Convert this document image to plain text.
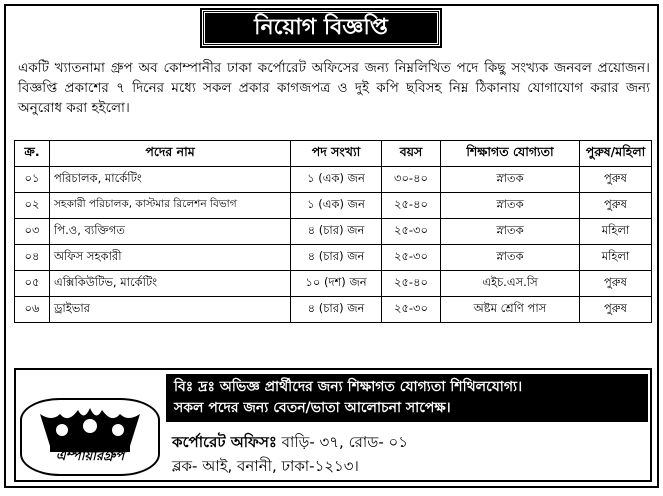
নিয়োগ বিজ্ঞপ্তি
একটি খ্যাতনামা গ্রুপ অব কোম্পানীর ঢাকা কর্পোরেট অফিসের জন্য নিম্নলিখিত পদে কিছু সংখ্যক জনবল প্রয়োজন। বিজ্ঞপ্তি প্রকাশের ৭ দিনের মধ্যে সকল প্রকার কাগজপত্র ও দুই কপি ছবিসহ নিম্ন ঠিকানায় যোগাযোগ করার জন্য অনুরোধ করা হইলো।
ক্র.	পদের নাম	পদ সংখ্যা	বয়স	শিক্ষাগত যোগ্যতা	পুরুষ/মহিলা
০১	পরিচালক, মার্কেটিং	১ (এক) জন	৩০-৪০	স্নাতক	পুরুষ
০২	সহকারী পরিচালক, কাস্টমার রিলেশন বিভাগ	১ (এক) জন	২৫-৪০	স্নাতক	পুরুষ
০৩	পি.ও, ব্যক্তিগত	৪ (চার) জন	২৫-৩০	স্নাতক	মহিলা
০৪	অফিস সহকারী	৪ (চার) জন	২৫-৩০	স্নাতক	মহিলা
০৫	এক্সিকিউটিভ, মার্কেটিং	১০ (দশ) জন	২৫-৪০	এইচ.এস.সি	পুরুষ
০৬	ড্রাইভার	৪ (চার) জন	২৫-৩০	অষ্টম শ্রেণি পাস	পুরুষ
এম্পায়ারগ্রুপ
বিঃ দ্রঃ অভিজ্ঞ প্রার্থীদের জন্য শিক্ষাগত যোগ্যতা শিথিলযোগ্য।
সকল পদের জন্য বেতন/ভাতা আলোচনা সাপেক্ষ।
কর্পোরেট অফিসঃ বাড়ি- ৩৭, রোড- ০১
ব্লক- আই, বনানী, ঢাকা-১২১৩।
